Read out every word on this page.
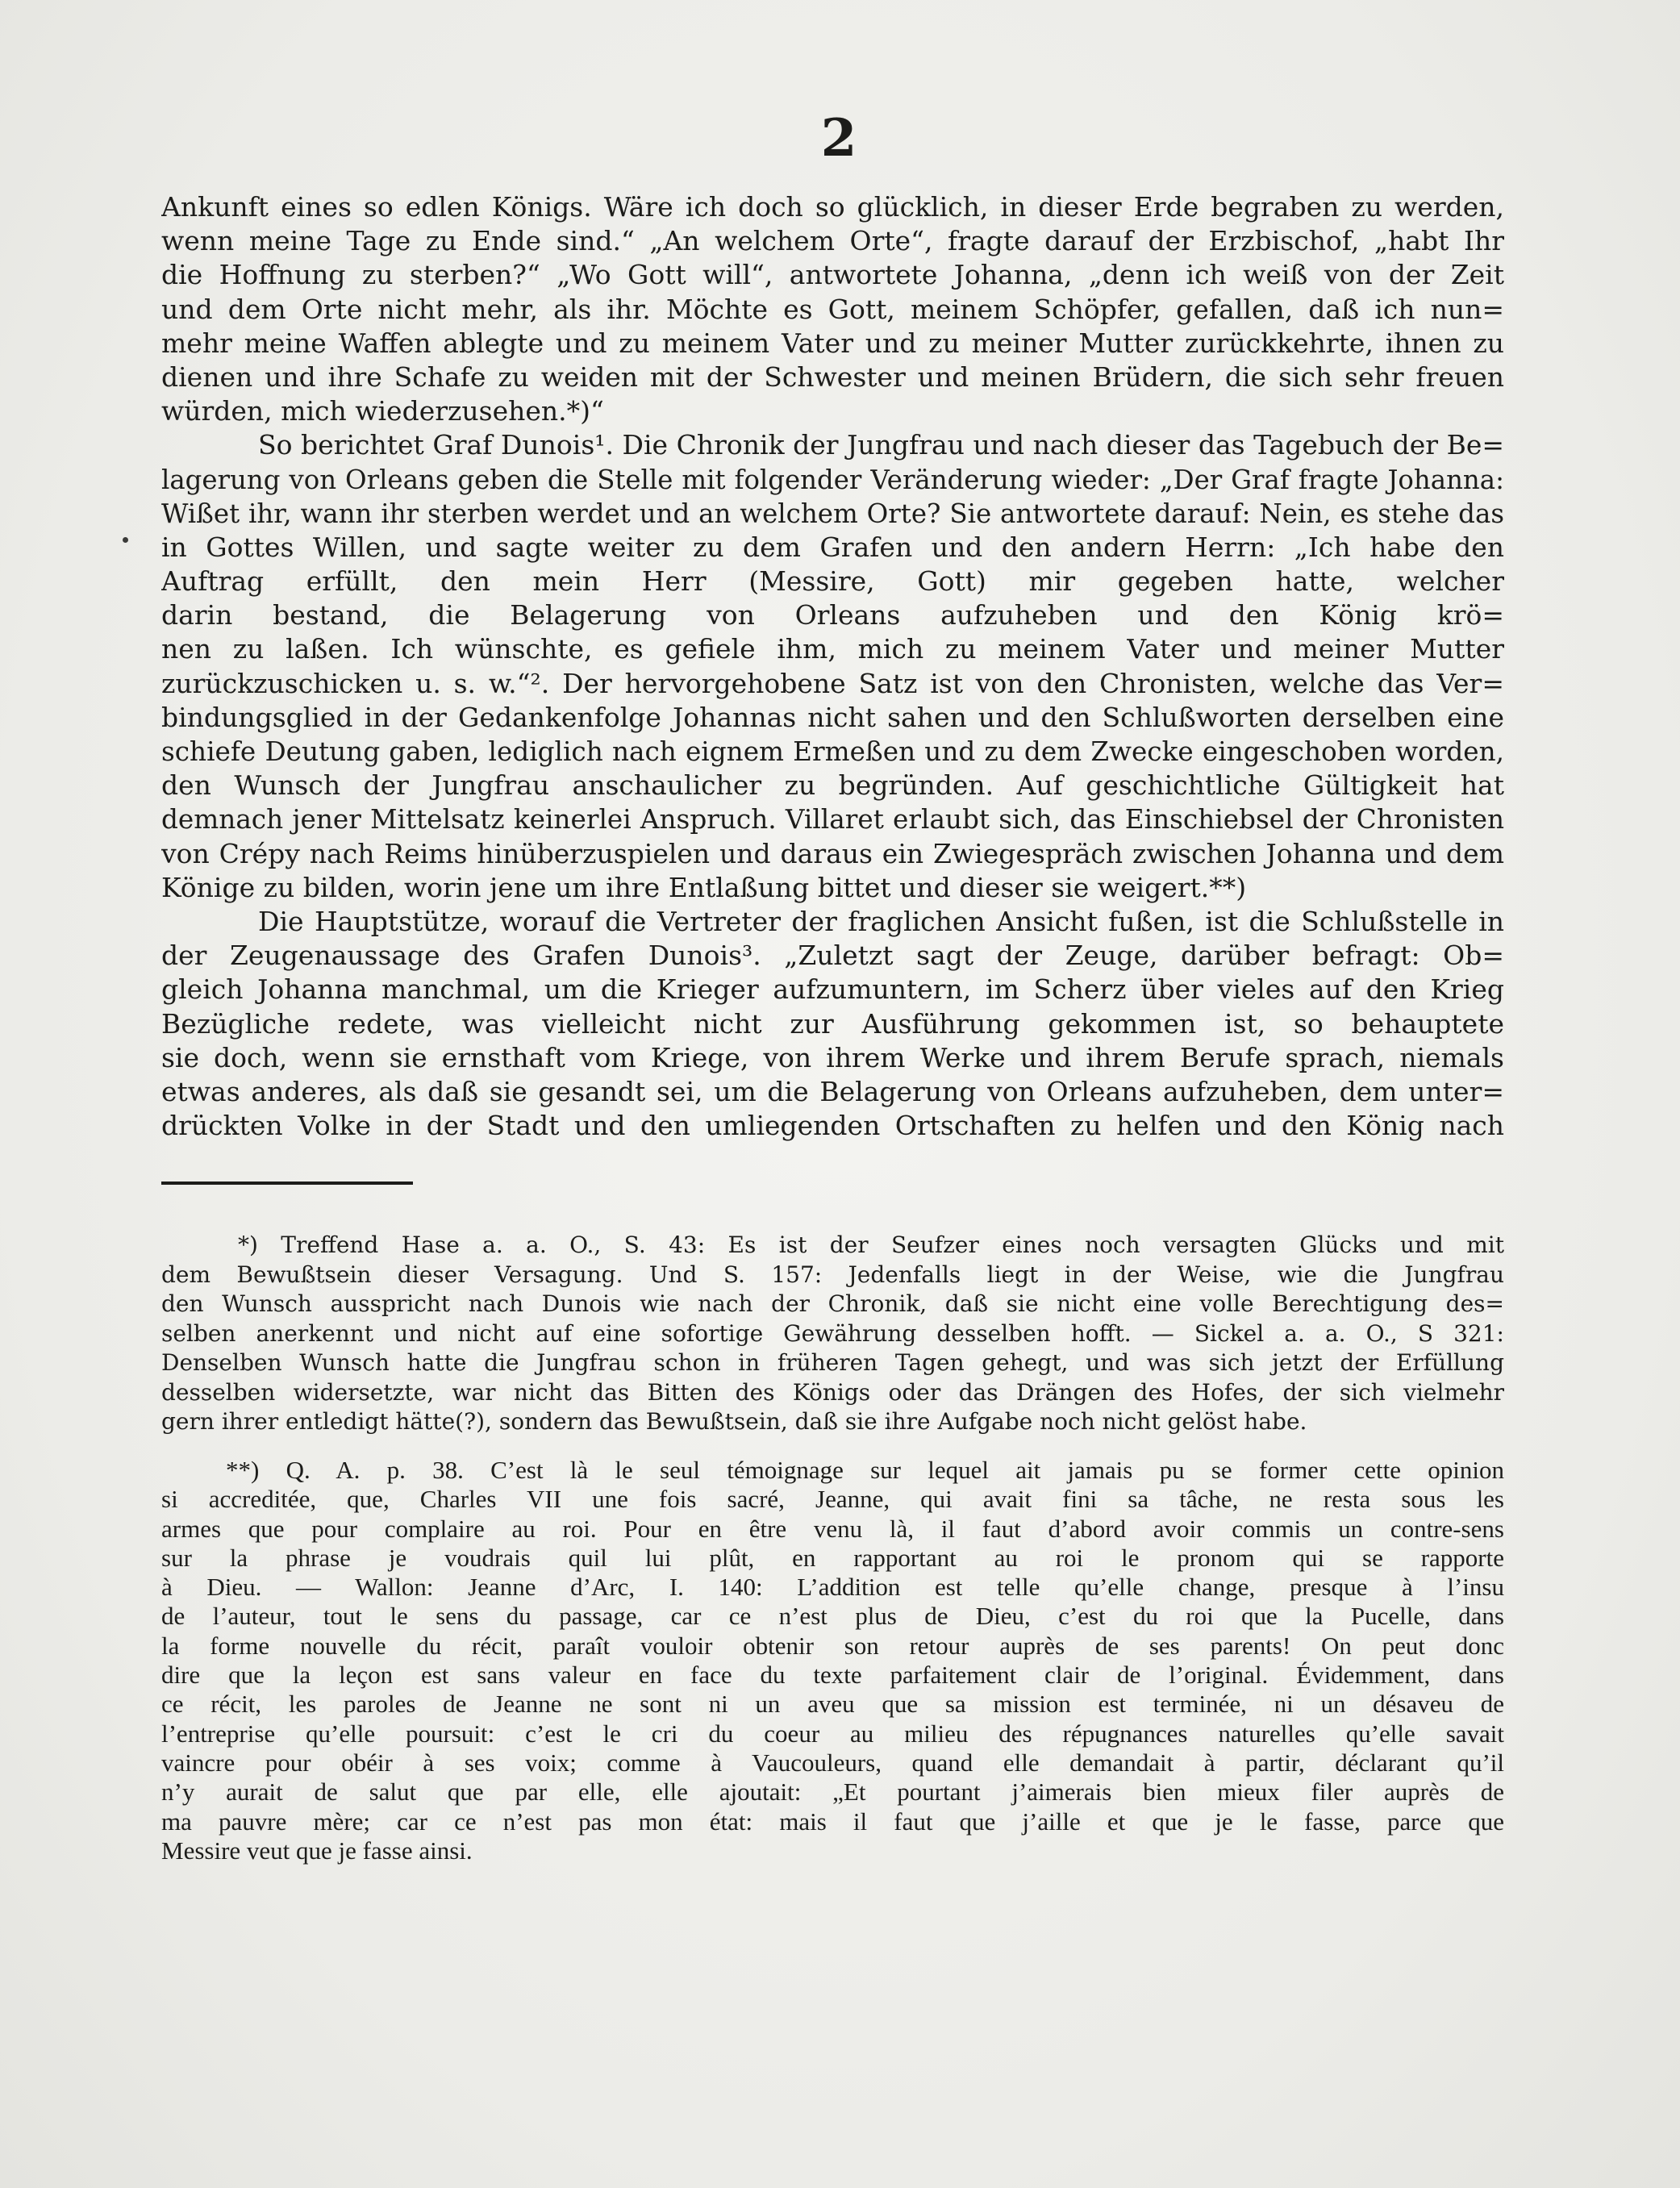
2
Ankunft eines so edlen Königs. Wäre ich doch so glücklich, in dieser Erde begraben zu werden,
wenn meine Tage zu Ende sind.“ „An welchem Orte“, fragte darauf der Erzbischof, „habt Ihr
die Hoffnung zu sterben?“ „Wo Gott will“, antwortete Johanna, „denn ich weiß von der Zeit
und dem Orte nicht mehr, als ihr. Möchte es Gott, meinem Schöpfer, gefallen, daß ich nun=
mehr meine Waffen ablegte und zu meinem Vater und zu meiner Mutter zurückkehrte, ihnen zu
dienen und ihre Schafe zu weiden mit der Schwester und meinen Brüdern, die sich sehr freuen
würden, mich wiederzusehen.*)“
So berichtet Graf Dunois¹. Die Chronik der Jungfrau und nach dieser das Tagebuch der Be=
lagerung von Orleans geben die Stelle mit folgender Veränderung wieder: „Der Graf fragte Johanna:
Wißet ihr, wann ihr sterben werdet und an welchem Orte? Sie antwortete darauf: Nein, es stehe das
in Gottes Willen, und sagte weiter zu dem Grafen und den andern Herrn: „Ich habe den
Auftrag erfüllt, den mein Herr (Messire, Gott) mir gegeben hatte, welcher
darin bestand, die Belagerung von Orleans aufzuheben und den König krö=
nen zu laßen. Ich wünschte, es gefiele ihm, mich zu meinem Vater und meiner Mutter
zurückzuschicken u. s. w.“². Der hervorgehobene Satz ist von den Chronisten, welche das Ver=
bindungsglied in der Gedankenfolge Johannas nicht sahen und den Schlußworten derselben eine
schiefe Deutung gaben, lediglich nach eignem Ermeßen und zu dem Zwecke eingeschoben worden,
den Wunsch der Jungfrau anschaulicher zu begründen. Auf geschichtliche Gültigkeit hat
demnach jener Mittelsatz keinerlei Anspruch. Villaret erlaubt sich, das Einschiebsel der Chronisten
von Crépy nach Reims hinüberzuspielen und daraus ein Zwiegespräch zwischen Johanna und dem
Könige zu bilden, worin jene um ihre Entlaßung bittet und dieser sie weigert.**)
Die Hauptstütze, worauf die Vertreter der fraglichen Ansicht fußen, ist die Schlußstelle in
der Zeugenaussage des Grafen Dunois³. „Zuletzt sagt der Zeuge, darüber befragt: Ob=
gleich Johanna manchmal, um die Krieger aufzumuntern, im Scherz über vieles auf den Krieg
Bezügliche redete, was vielleicht nicht zur Ausführung gekommen ist, so behauptete
sie doch, wenn sie ernsthaft vom Kriege, von ihrem Werke und ihrem Berufe sprach, niemals
etwas anderes, als daß sie gesandt sei, um die Belagerung von Orleans aufzuheben, dem unter=
drückten Volke in der Stadt und den umliegenden Ortschaften zu helfen und den König nach
*) Treffend Hase a. a. O., S. 43: Es ist der Seufzer eines noch versagten Glücks und mit
dem Bewußtsein dieser Versagung. Und S. 157: Jedenfalls liegt in der Weise, wie die Jungfrau
den Wunsch ausspricht nach Dunois wie nach der Chronik, daß sie nicht eine volle Berechtigung des=
selben anerkennt und nicht auf eine sofortige Gewährung desselben hofft. — Sickel a. a. O., S 321:
Denselben Wunsch hatte die Jungfrau schon in früheren Tagen gehegt, und was sich jetzt der Erfüllung
desselben widersetzte, war nicht das Bitten des Königs oder das Drängen des Hofes, der sich vielmehr
gern ihrer entledigt hätte(?), sondern das Bewußtsein, daß sie ihre Aufgabe noch nicht gelöst habe.
**) Q. A. p. 38. C’est là le seul témoignage sur lequel ait jamais pu se former cette opinion
si accreditée, que, Charles VII une fois sacré, Jeanne, qui avait fini sa tâche, ne resta sous les
armes que pour complaire au roi. Pour en être venu là, il faut d’abord avoir commis un contre-sens
sur la phrase je voudrais quil lui plût, en rapportant au roi le pronom qui se rapporte
à Dieu. — Wallon: Jeanne d’Arc, I. 140: L’addition est telle qu’elle change, presque à l’insu
de l’auteur, tout le sens du passage, car ce n’est plus de Dieu, c’est du roi que la Pucelle, dans
la forme nouvelle du récit, paraît vouloir obtenir son retour auprès de ses parents! On peut donc
dire que la leçon est sans valeur en face du texte parfaitement clair de l’original. Évidemment, dans
ce récit, les paroles de Jeanne ne sont ni un aveu que sa mission est terminée, ni un désaveu de
l’entreprise qu’elle poursuit: c’est le cri du coeur au milieu des répugnances naturelles qu’elle savait
vaincre pour obéir à ses voix; comme à Vaucouleurs, quand elle demandait à partir, déclarant qu’il
n’y aurait de salut que par elle, elle ajoutait: „Et pourtant j’aimerais bien mieux filer auprès de
ma pauvre mère; car ce n’est pas mon état: mais il faut que j’aille et que je le fasse, parce que
Messire veut que je fasse ainsi.
